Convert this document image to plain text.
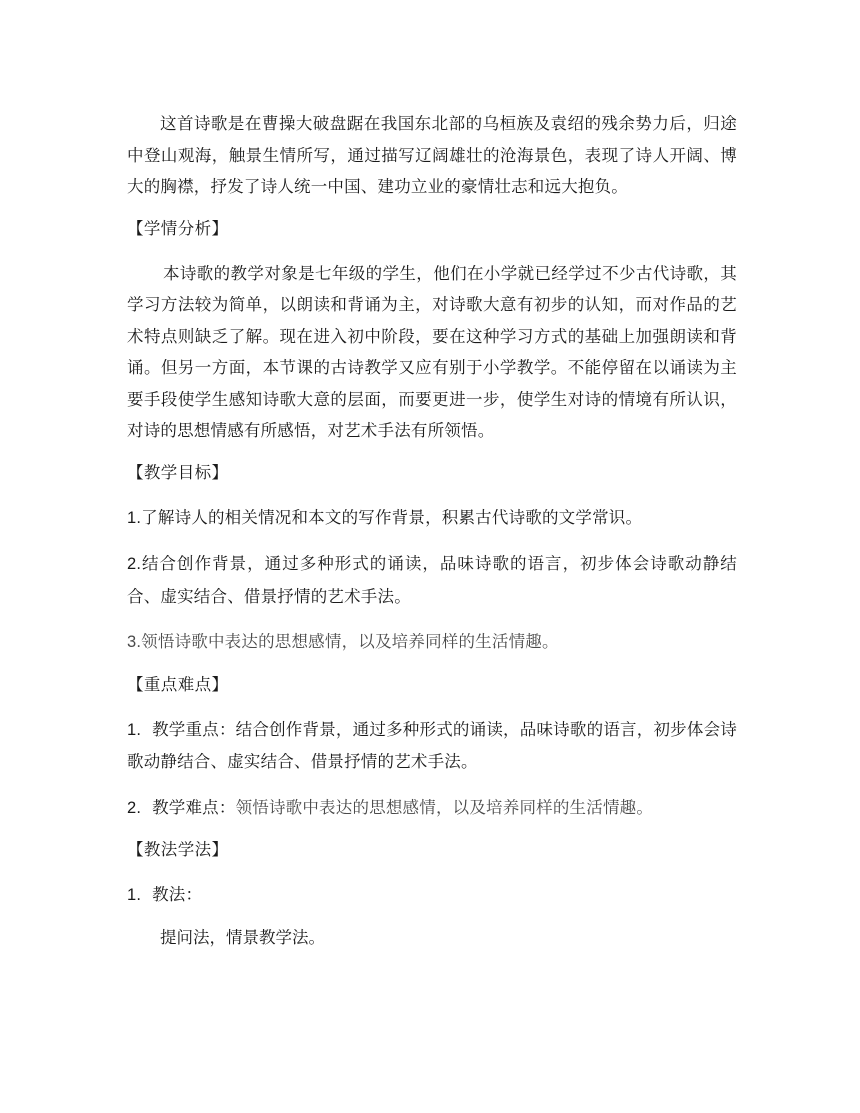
这首诗歌是在曹操大破盘踞在我国东北部的乌桓族及袁绍的残余势力后，归途中登山观海，触景生情所写，通过描写辽阔雄壮的沧海景色，表现了诗人开阔、博大的胸襟，抒发了诗人统一中国、建功立业的豪情壮志和远大抱负。

【学情分析】

本诗歌的教学对象是七年级的学生，他们在小学就已经学过不少古代诗歌，其学习方法较为简单，以朗读和背诵为主，对诗歌大意有初步的认知，而对作品的艺术特点则缺乏了解。现在进入初中阶段，要在这种学习方式的基础上加强朗读和背诵。但另一方面，本节课的古诗教学又应有别于小学教学。不能停留在以诵读为主要手段使学生感知诗歌大意的层面，而要更进一步，使学生对诗的情境有所认识，对诗的思想情感有所感悟，对艺术手法有所领悟。

【教学目标】

1.了解诗人的相关情况和本文的写作背景，积累古代诗歌的文学常识。

2.结合创作背景，通过多种形式的诵读，品味诗歌的语言，初步体会诗歌动静结合、虚实结合、借景抒情的艺术手法。

3.领悟诗歌中表达的思想感情，以及培养同样的生活情趣。

【重点难点】

1. 教学重点：结合创作背景，通过多种形式的诵读，品味诗歌的语言，初步体会诗歌动静结合、虚实结合、借景抒情的艺术手法。

2. 教学难点：领悟诗歌中表达的思想感情，以及培养同样的生活情趣。

【教法学法】

1. 教法：

提问法，情景教学法。
